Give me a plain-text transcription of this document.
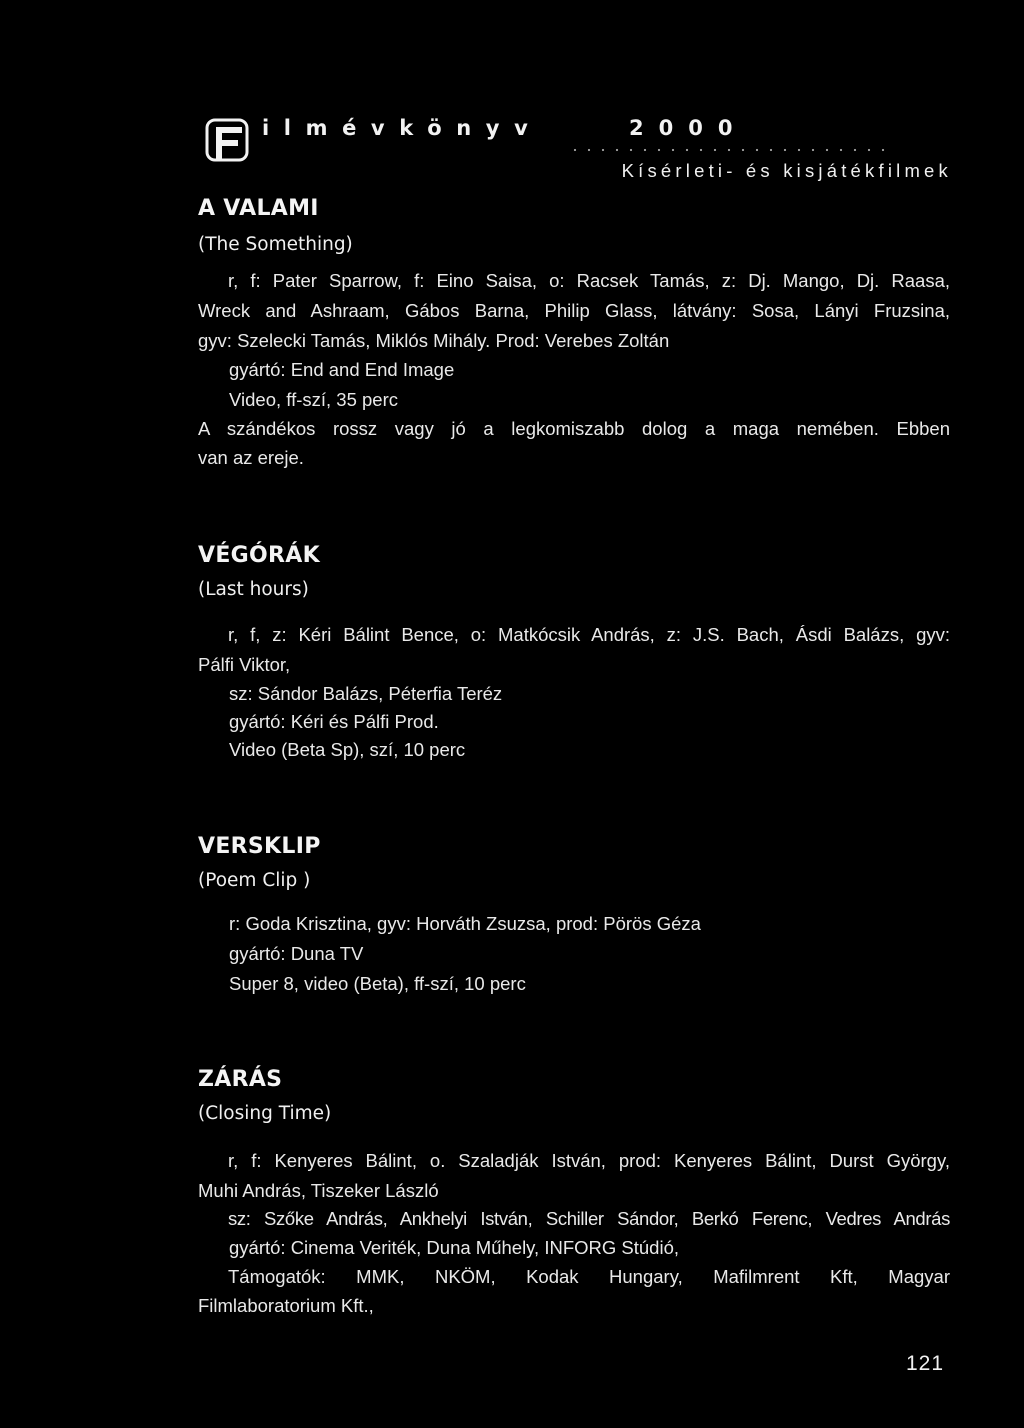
ilmévkönyv	2000
Kísérleti- és kisjátékfilmek
A VALAMI
(The Something)
r, f: Pater Sparrow, f: Eino Saisa, o: Racsek Tamás, z: Dj. Mango, Dj. Raasa,
Wreck and Ashraam, Gábos Barna, Philip Glass, látvány: Sosa, Lányi Fruzsina,
gyv: Szelecki Tamás, Miklós Mihály. Prod: Verebes Zoltán
gyártó: End and End Image
Video, ff-szí, 35 perc
A szándékos rossz vagy jó a legkomiszabb dolog a maga nemében. Ebben
van az ereje.
VÉGÓRÁK
(Last hours)
r, f, z: Kéri Bálint Bence, o: Matkócsik András, z: J.S. Bach, Ásdi Balázs, gyv:
Pálfi Viktor,
sz: Sándor Balázs, Péterfia Teréz
gyártó: Kéri és Pálfi Prod.
Video (Beta Sp), szí, 10 perc
VERSKLIP
(Poem Clip )
r: Goda Krisztina, gyv: Horváth Zsuzsa, prod: Pörös Géza
gyártó: Duna TV
Super 8, video (Beta), ff-szí, 10 perc
ZÁRÁS
(Closing Time)
r, f: Kenyeres Bálint, o. Szaladják István, prod: Kenyeres Bálint, Durst György,
Muhi András, Tiszeker László
sz: Szőke András, Ankhelyi István, Schiller Sándor, Berkó Ferenc, Vedres András
gyártó: Cinema Veriték, Duna Műhely, INFORG Stúdió,
Támogatók: MMK, NKÖM, Kodak Hungary, Mafilmrent Kft, Magyar
Filmlaboratorium Kft.,
121
